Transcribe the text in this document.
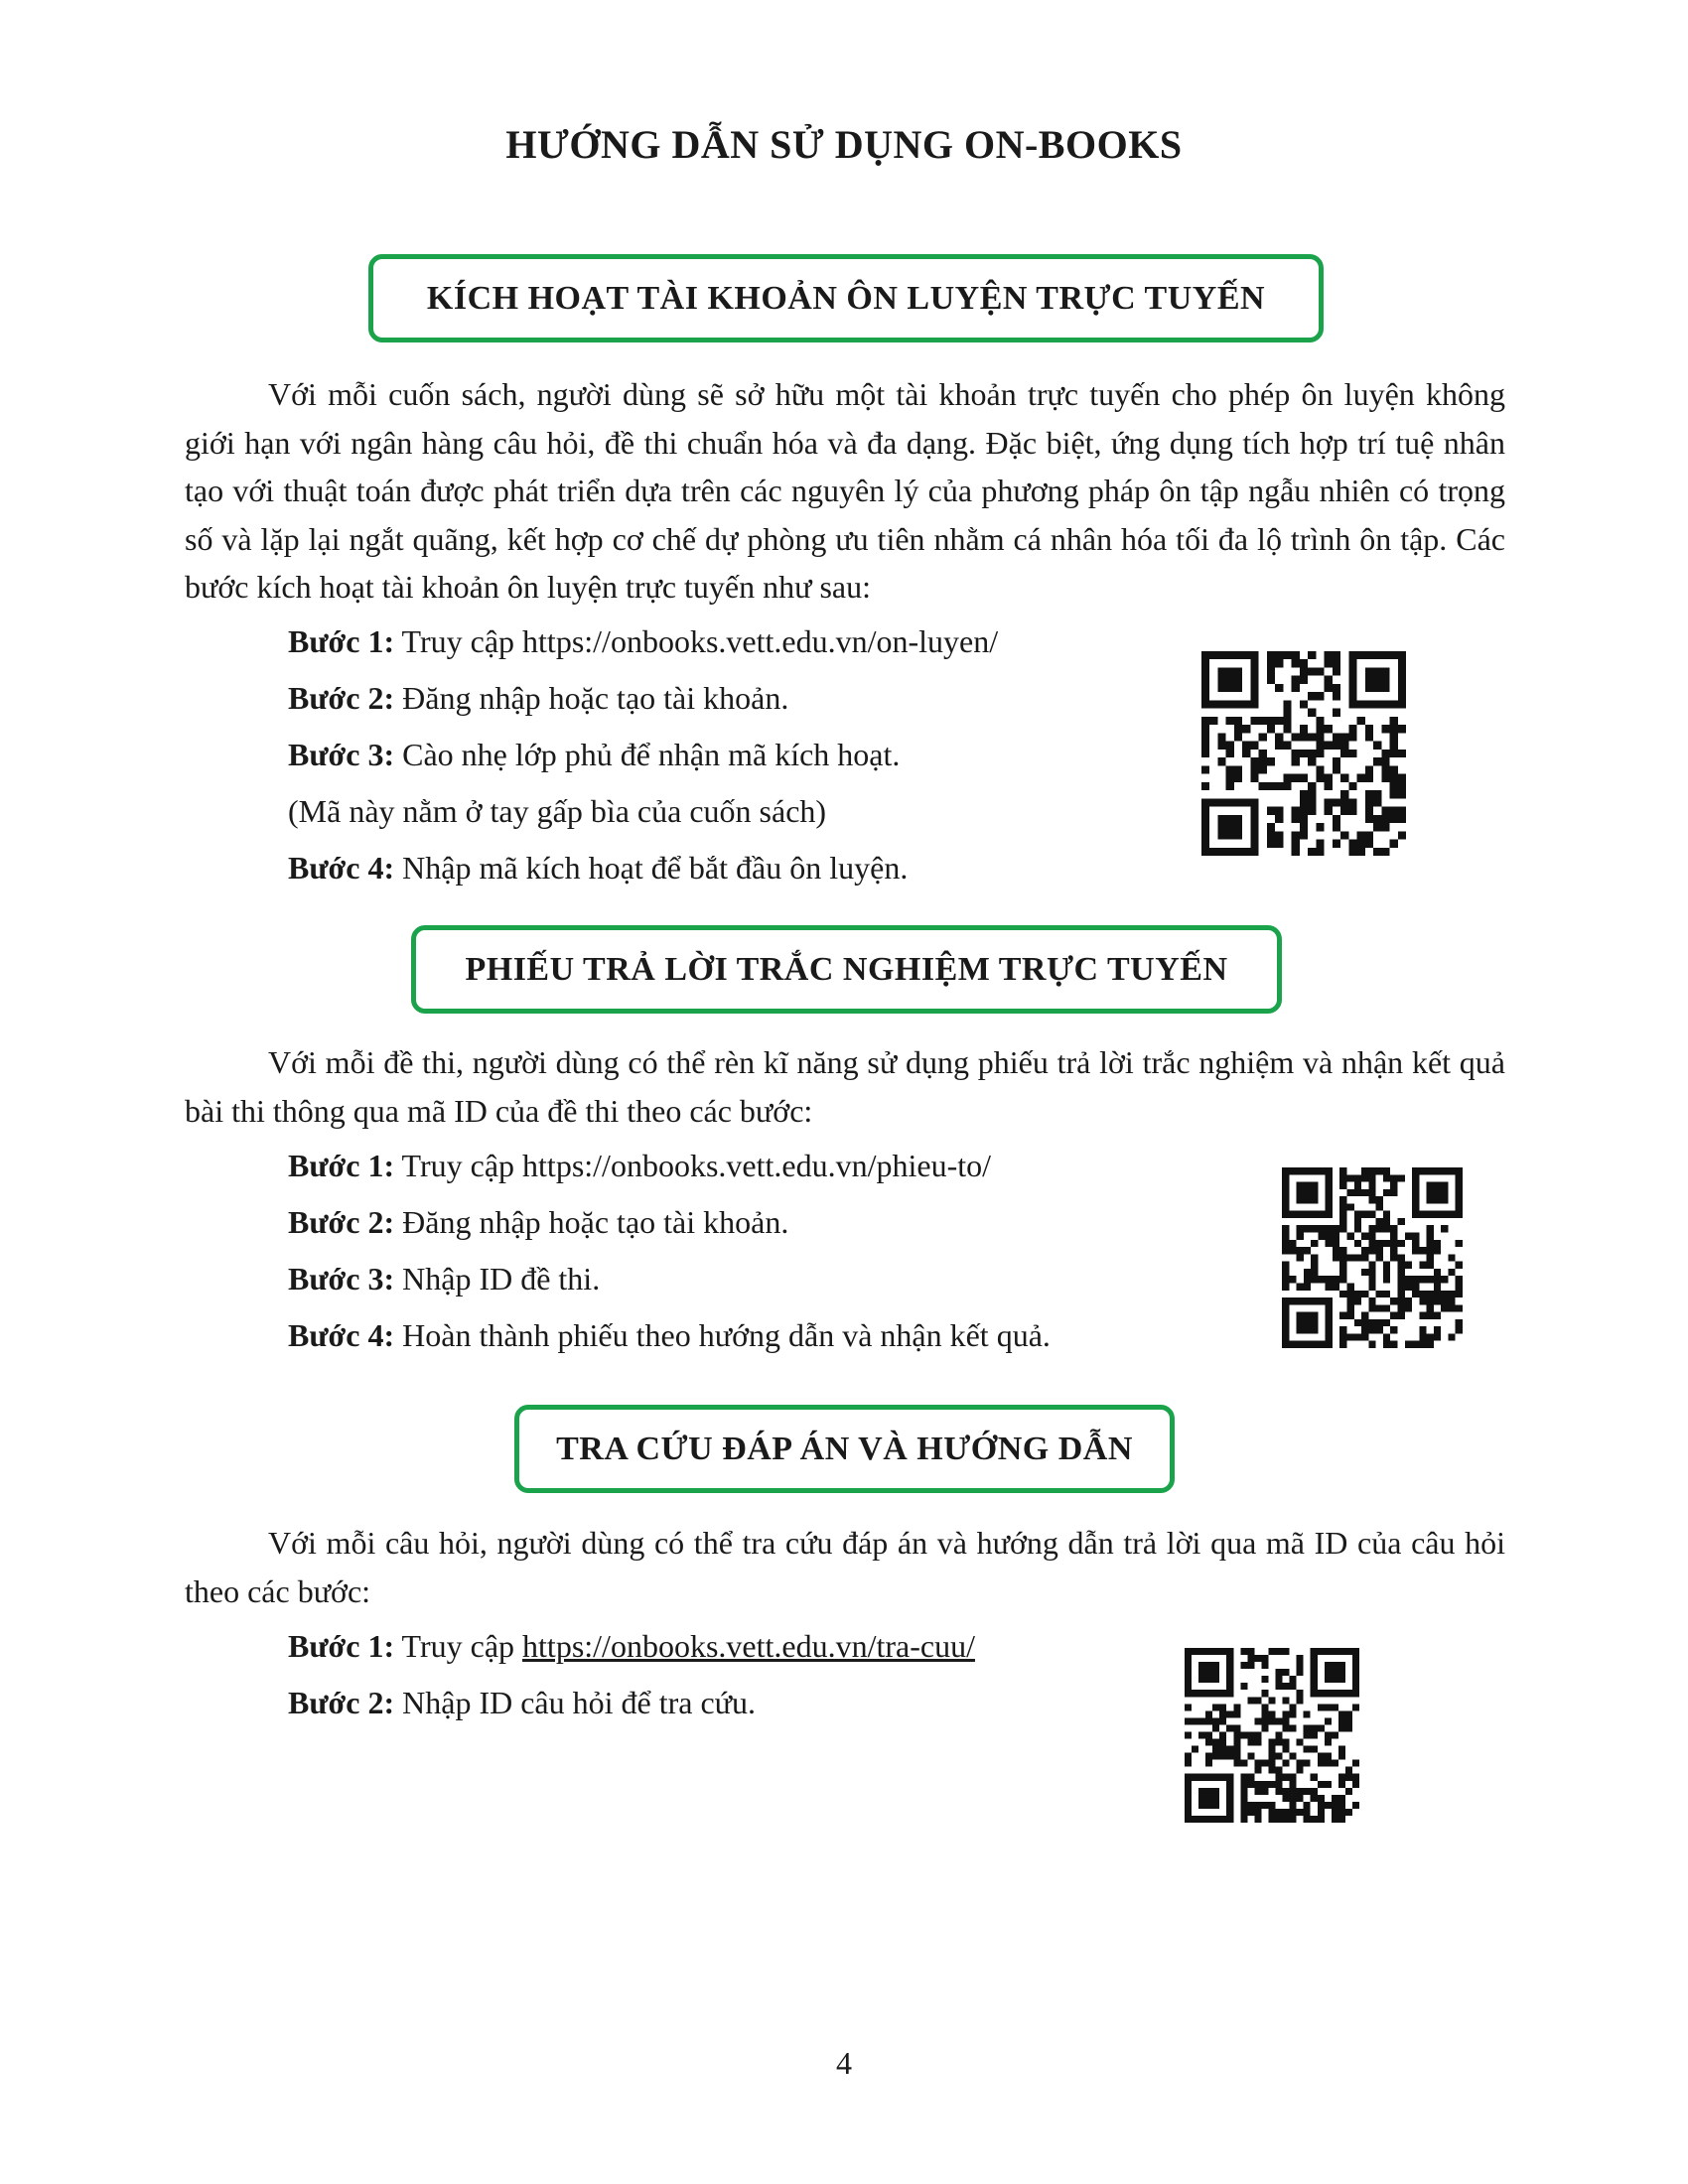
HƯỚNG DẪN SỬ DỤNG ON-BOOKS
KÍCH HOẠT TÀI KHOẢN ÔN LUYỆN TRỰC TUYẾN

Với mỗi cuốn sách, người dùng sẽ sở hữu một tài khoản trực tuyến cho phép ôn luyện không giới hạn với ngân hàng câu hỏi, đề thi chuẩn hóa và đa dạng. Đặc biệt, ứng dụng tích hợp trí tuệ nhân tạo với thuật toán được phát triển dựa trên các nguyên lý của phương pháp ôn tập ngẫu nhiên có trọng số và lặp lại ngắt quãng, kết hợp cơ chế dự phòng ưu tiên nhằm cá nhân hóa tối đa lộ trình ôn tập. Các bước kích hoạt tài khoản ôn luyện trực tuyến như sau:

Bước 1: Truy cập https://onbooks.vett.edu.vn/on-luyen/
Bước 2: Đăng nhập hoặc tạo tài khoản.
Bước 3: Cào nhẹ lớp phủ để nhận mã kích hoạt.
(Mã này nằm ở tay gấp bìa của cuốn sách)
Bước 4: Nhập mã kích hoạt để bắt đầu ôn luyện.
PHIẾU TRẢ LỜI TRẮC NGHIỆM TRỰC TUYẾN

Với mỗi đề thi, người dùng có thể rèn kĩ năng sử dụng phiếu trả lời trắc nghiệm và nhận kết quả bài thi thông qua mã ID của đề thi theo các bước:

Bước 1: Truy cập https://onbooks.vett.edu.vn/phieu-to/
Bước 2: Đăng nhập hoặc tạo tài khoản.
Bước 3: Nhập ID đề thi.
Bước 4: Hoàn thành phiếu theo hướng dẫn và nhận kết quả.
TRA CỨU ĐÁP ÁN VÀ HƯỚNG DẪN

Với mỗi câu hỏi, người dùng có thể tra cứu đáp án và hướng dẫn trả lời qua mã ID của câu hỏi theo các bước:

Bước 1: Truy cập https://onbooks.vett.edu.vn/tra-cuu/
Bước 2: Nhập ID câu hỏi để tra cứu.
4
